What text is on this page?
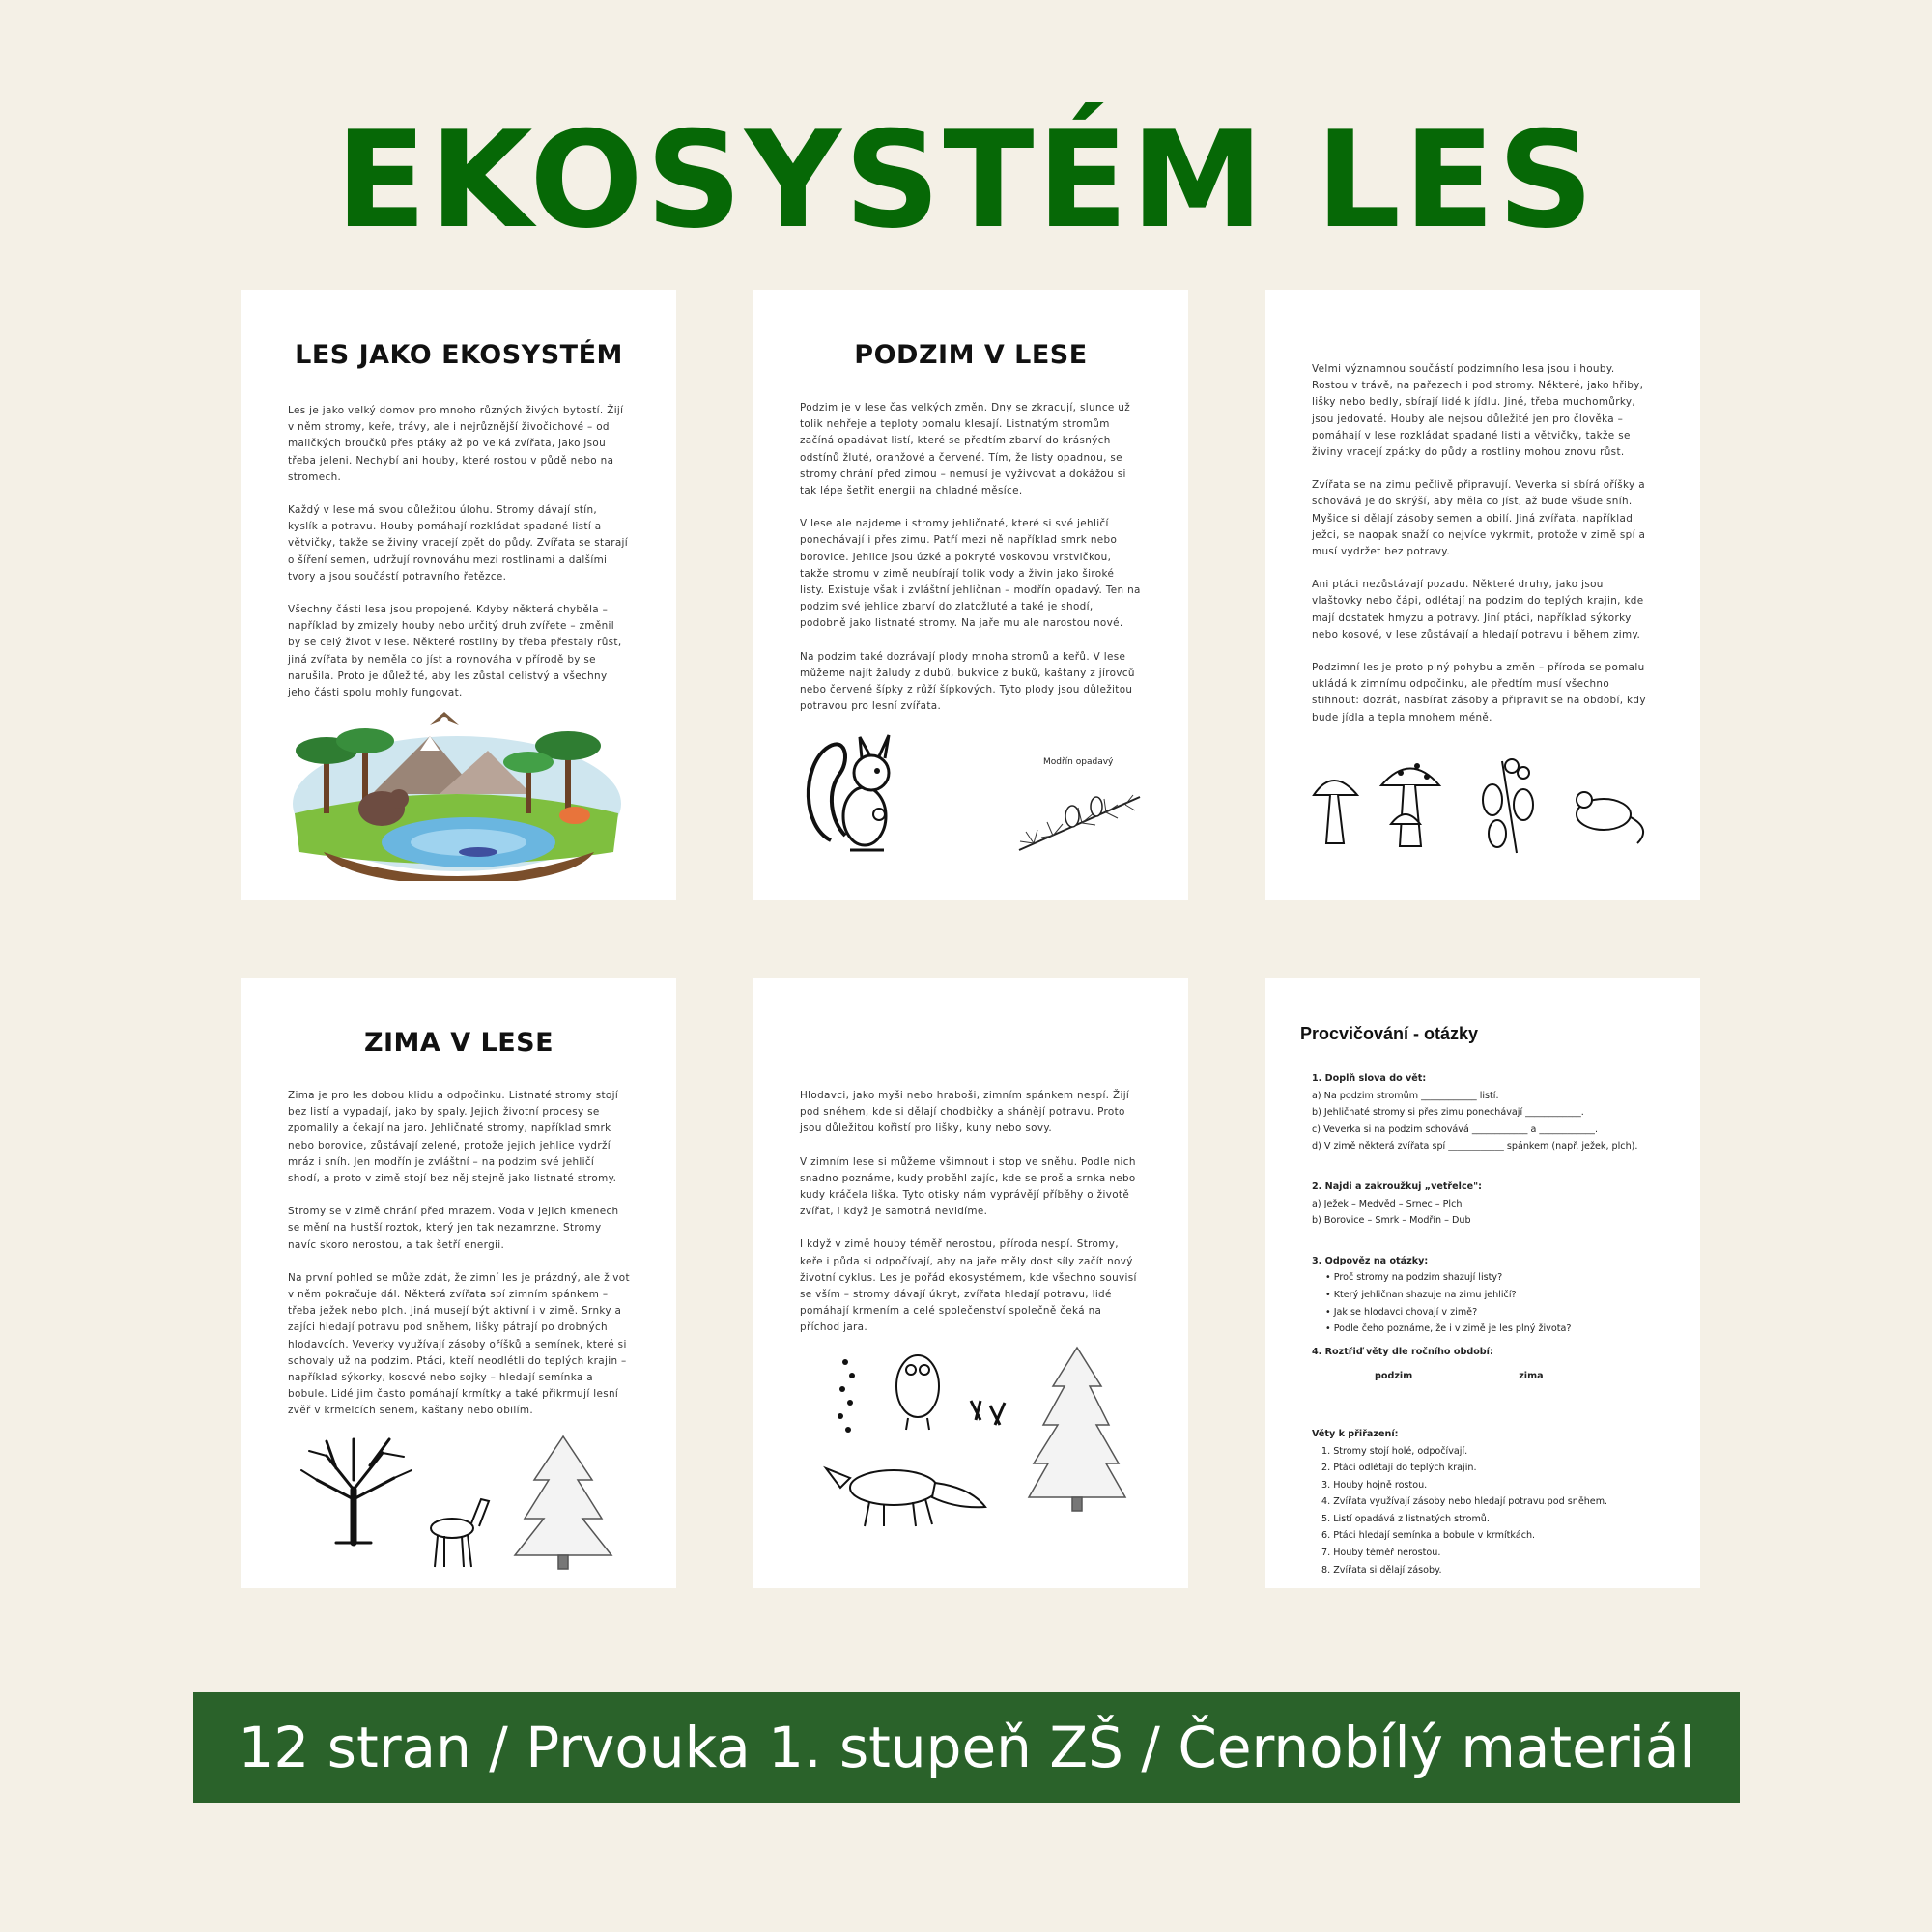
EKOSYSTÉM LES
LES JAKO EKOSYSTÉM

Les je jako velký domov pro mnoho různých živých bytostí. Žijí v něm stromy, keře, trávy, ale i nejrůznější živočichové – od maličkých broučků přes ptáky až po velká zvířata, jako jsou třeba jeleni. Nechybí ani houby, které rostou v půdě nebo na stromech.

Každý v lese má svou důležitou úlohu. Stromy dávají stín, kyslík a potravu. Houby pomáhají rozkládat spadané listí a větvičky, takže se živiny vracejí zpět do půdy. Zvířata se starají o šíření semen, udržují rovnováhu mezi rostlinami a dalšími tvory a jsou součástí potravního řetězce.

Všechny části lesa jsou propojené. Kdyby některá chyběla – například by zmizely houby nebo určitý druh zvířete – změnil by se celý život v lese. Některé rostliny by třeba přestaly růst, jiná zvířata by neměla co jíst a rovnováha v přírodě by se narušila. Proto je důležité, aby les zůstal celistvý a všechny jeho části spolu mohly fungovat.

PODZIM V LESE

Podzim je v lese čas velkých změn. Dny se zkracují, slunce už tolik nehřeje a teploty pomalu klesají. Listnatým stromům začíná opadávat listí, které se předtím zbarví do krásných odstínů žluté, oranžové a červené. Tím, že listy opadnou, se stromy chrání před zimou – nemusí je vyživovat a dokážou si tak lépe šetřit energii na chladné měsíce.

V lese ale najdeme i stromy jehličnaté, které si své jehličí ponechávají i přes zimu. Patří mezi ně například smrk nebo borovice. Jehlice jsou úzké a pokryté voskovou vrstvičkou, takže stromu v zimě neubírají tolik vody a živin jako široké listy. Existuje však i zvláštní jehličnan – modřín opadavý. Ten na podzim své jehlice zbarví do zlatožluté a také je shodí, podobně jako listnaté stromy. Na jaře mu ale narostou nové.

Na podzim také dozrávají plody mnoha stromů a keřů. V lese můžeme najít žaludy z dubů, bukvice z buků, kaštany z jírovců nebo červené šípky z růží šípkových. Tyto plody jsou důležitou potravou pro lesní zvířata.

Modřín opadavý

Velmi významnou součástí podzimního lesa jsou i houby. Rostou v trávě, na pařezech i pod stromy. Některé, jako hřiby, lišky nebo bedly, sbírají lidé k jídlu. Jiné, třeba muchomůrky, jsou jedovaté. Houby ale nejsou důležité jen pro člověka – pomáhají v lese rozkládat spadané listí a větvičky, takže se živiny vracejí zpátky do půdy a rostliny mohou znovu růst.

Zvířata se na zimu pečlivě připravují. Veverka si sbírá oříšky a schovává je do skrýší, aby měla co jíst, až bude všude sníh. Myšice si dělají zásoby semen a obilí. Jiná zvířata, například ježci, se naopak snaží co nejvíce vykrmit, protože v zimě spí a musí vydržet bez potravy.

Ani ptáci nezůstávají pozadu. Některé druhy, jako jsou vlaštovky nebo čápi, odlétají na podzim do teplých krajin, kde mají dostatek hmyzu a potravy. Jiní ptáci, například sýkorky nebo kosové, v lese zůstávají a hledají potravu i během zimy.

Podzimní les je proto plný pohybu a změn – příroda se pomalu ukládá k zimnímu odpočinku, ale předtím musí všechno stihnout: dozrát, nasbírat zásoby a připravit se na období, kdy bude jídla a tepla mnohem méně.

ZIMA V LESE

Zima je pro les dobou klidu a odpočinku. Listnaté stromy stojí bez listí a vypadají, jako by spaly. Jejich životní procesy se zpomalily a čekají na jaro. Jehličnaté stromy, například smrk nebo borovice, zůstávají zelené, protože jejich jehlice vydrží mráz i sníh. Jen modřín je zvláštní – na podzim své jehličí shodí, a proto v zimě stojí bez něj stejně jako listnaté stromy.

Stromy se v zimě chrání před mrazem. Voda v jejich kmenech se mění na hustší roztok, který jen tak nezamrzne. Stromy navíc skoro nerostou, a tak šetří energii.

Na první pohled se může zdát, že zimní les je prázdný, ale život v něm pokračuje dál. Některá zvířata spí zimním spánkem – třeba ježek nebo plch. Jiná musejí být aktivní i v zimě. Srnky a zajíci hledají potravu pod sněhem, lišky pátrají po drobných hlodavcích. Veverky využívají zásoby oříšků a semínek, které si schovaly už na podzim. Ptáci, kteří neodlétli do teplých krajin – například sýkorky, kosové nebo sojky – hledají semínka a bobule. Lidé jim často pomáhají krmítky a také přikrmují lesní zvěř v krmelcích senem, kaštany nebo obilím.

Hlodavci, jako myši nebo hraboši, zimním spánkem nespí. Žijí pod sněhem, kde si dělají chodbičky a shánějí potravu. Proto jsou důležitou kořistí pro lišky, kuny nebo sovy.

V zimním lese si můžeme všimnout i stop ve sněhu. Podle nich snadno poznáme, kudy proběhl zajíc, kde se prošla srnka nebo kudy kráčela liška. Tyto otisky nám vyprávějí příběhy o životě zvířat, i když je samotná nevidíme.

I když v zimě houby téměř nerostou, příroda nespí. Stromy, keře i půda si odpočívají, aby na jaře měly dost síly začít nový životní cyklus. Les je pořád ekosystémem, kde všechno souvisí se vším – stromy dávají úkryt, zvířata hledají potravu, lidé pomáhají krmením a celé společenství společně čeká na příchod jara.

Procvičování - otázky
1. Doplň slova do vět:
a) Na podzim stromům ____________ listí.
b) Jehličnaté stromy si přes zimu ponechávají ____________.
c) Veverka si na podzim schovává ____________ a ____________.
d) V zimě některá zvířata spí ____________ spánkem (např. ježek, plch).
2. Najdi a zakroužkuj „vetřelce":
a) Ježek – Medvěd – Srnec – Plch
b) Borovice – Smrk – Modřín – Dub
3. Odpověz na otázky:
• Proč stromy na podzim shazují listy?
• Který jehličnan shazuje na zimu jehličí?
• Jak se hlodavci chovají v zimě?
• Podle čeho poznáme, že i v zimě je les plný života?
4. Roztřiď věty dle ročního období:
podzim	zima
Věty k přiřazení:
1. Stromy stojí holé, odpočívají.
2. Ptáci odlétají do teplých krajin.
3. Houby hojně rostou.
4. Zvířata využívají zásoby nebo hledají potravu pod sněhem.
5. Listí opadává z listnatých stromů.
6. Ptáci hledají semínka a bobule v krmítkách.
7. Houby téměř nerostou.
8. Zvířata si dělají zásoby.
12 stran / Prvouka 1. stupeň ZŠ / Černobílý materiál
